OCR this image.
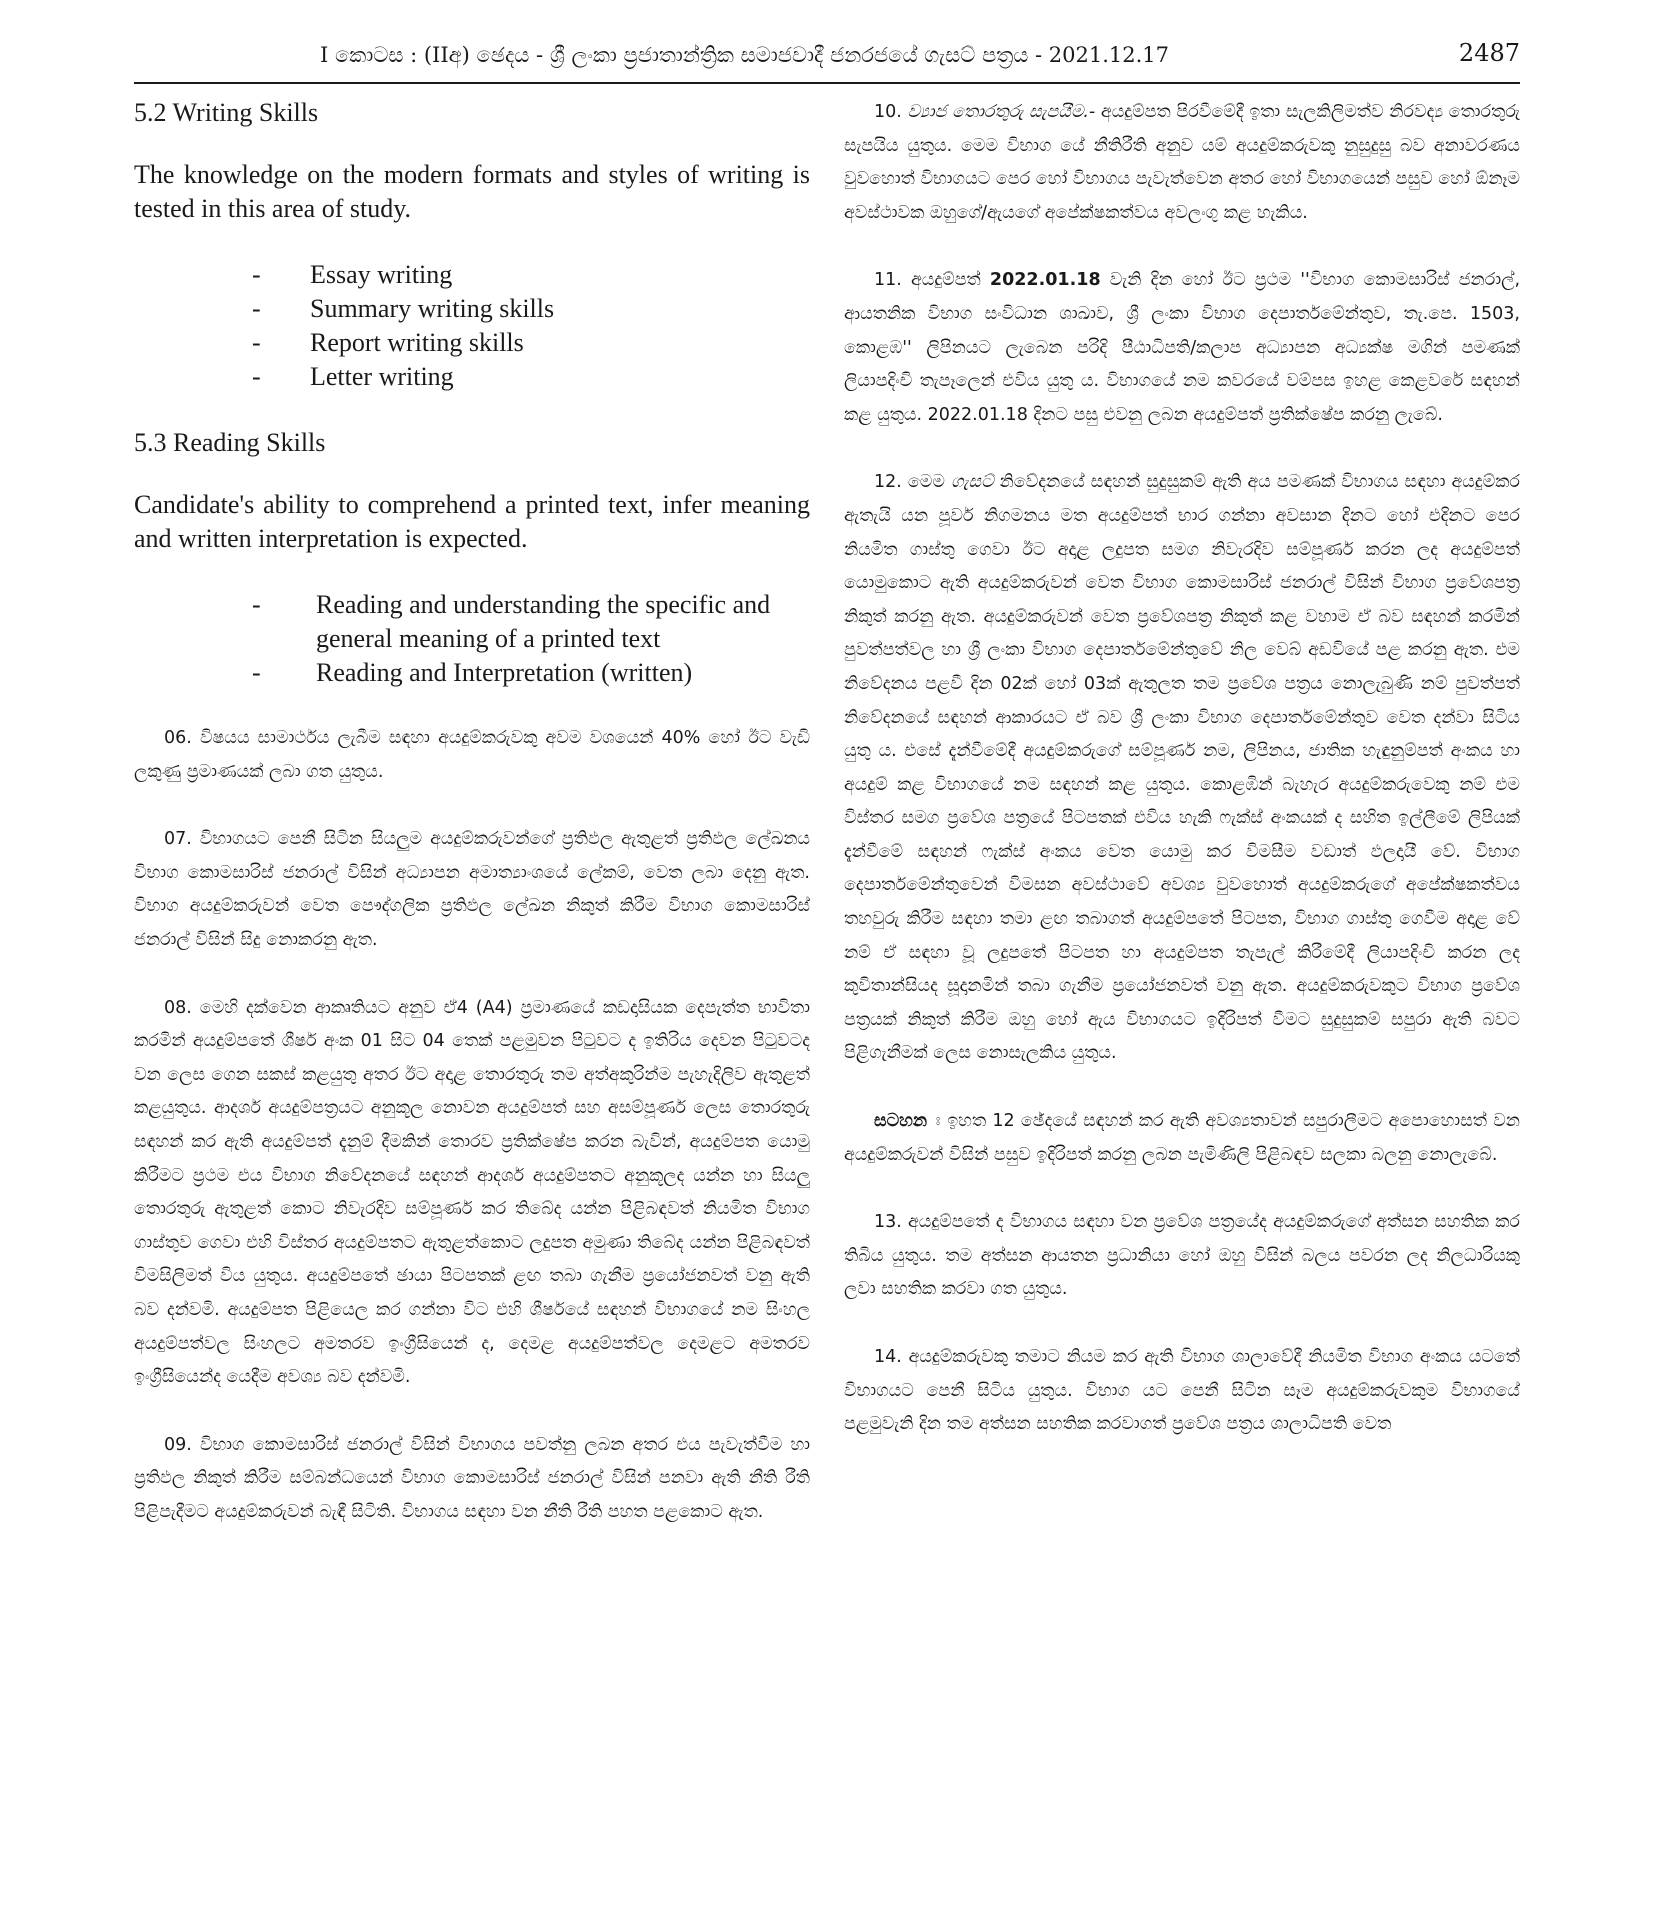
I කොටස : (IIඅ) ඡෙදය - ශ්‍රී ලංකා ප්‍රජාතාන්ත්‍රික සමාජවාදී ජනරජයේ ගැසට් පත්‍රය - 2021.12.17	2487
5.2 Writing Skills
The knowledge on the modern formats and styles of writing is tested in this area of study.
-	Essay writing
-	Summary writing skills
-	Report writing skills
-	Letter writing
5.3 Reading Skills
Candidate's ability to comprehend a printed text, infer meaning and written interpretation is expected.
-	Reading and understanding the specific and general meaning of a printed text
-	Reading and Interpretation (written)

06. විෂයය සාමාර්ථය ලැබීම සඳහා අයදුම්කරුවකු අවම වශයෙන් 40% හෝ ඊට වැඩි ලකුණු ප්‍රමාණයක් ලබා ගත යුතුය.

07. විභාගයට පෙනී සිටින සියලුම අයදුම්කරුවන්ගේ ප්‍රතිඵල ඇතුළත් ප්‍රතිඵල ලේඛනය විභාග කොමසාරිස් ජනරාල් විසින් අධ්‍යාපන අමාත්‍යාංශයේ ලේකම්, වෙත ලබා දෙනු ඇත. විභාග අයදුම්කරුවන් වෙත පෞද්ගලික ප්‍රතිඵල ලේඛන නිකුත් කිරීම විභාග කොමසාරිස් ජනරාල් විසින් සිදු නොකරනු ඇත.

08. මෙහි දක්වෙන ආකෘතියට අනුව ඒ4 (A4) ප්‍රමාණයේ කඩදාසියක දෙපැත්ත භාවිතා කරමින් අයදුම්පතේ ශීර්ෂ අංක 01 සිට 04 තෙක් පළමුවන පිටුවට ද ඉතිරිය දෙවන පිටුවටද වන ලෙස ගෙන සකස් කළයුතු අතර ඊට අදාළ තොරතුරු තම අත්අකුරින්ම පැහැදිලිව ඇතුළත් කළයුතුය. ආදර්ශ අයදුම්පත්‍රයට අනුකූල නොවන අයදුම්පත් සහ අසම්පූර්ණ ලෙස තොරතුරු සඳහන් කර ඇති අයදුම්පත් දැනුම් දීමකින් තොරව ප්‍රතික්ෂේප කරන බැවින්, අයදුම්පත යොමු කිරීමට ප්‍රථම එය විභාග නිවේදනයේ සඳහන් ආදර්ශ අයදුම්පතට අනුකූලද යන්න හා සියලු තොරතුරු ඇතුළත් කොට නිවැරදිව සම්පූර්ණ කර තිබේද යන්න පිළිබඳවත් නියමිත විභාග ගාස්තුව ගෙවා එහි විස්තර අයදුම්පතට ඇතුළත්කොට ලදුපත අමුණා තිබේද යන්න පිළිබඳවත් විමසිලිමත් විය යුතුය. අයදුම්පතේ ඡායා පිටපතක් ළඟ තබා ගැනීම ප්‍රයෝජනවත් වනු ඇති බව දන්වමි. අයදුම්පත පිළියෙල කර ගන්නා විට එහි ශීර්ෂයේ සඳහන් විභාගයේ නම සිංහල අයදුම්පත්වල සිංහලට අමතරව ඉංග්‍රීසියෙන් ද, දෙමළ අයදුම්පත්වල දෙමළට අමතරව ඉංග්‍රීසියෙන්ද යෙදීම අවශ්‍ය බව දන්වමි.

09. විභාග කොමසාරිස් ජනරාල් විසින් විභාගය පවත්නු ලබන අතර එය පැවැත්වීම හා ප්‍රතිඵල නිකුත් කිරීම සම්බන්ධයෙන් විභාග කොමසාරිස් ජනරාල් විසින් පනවා ඇති නීති රීති පිළිපැදීමට අයදුම්කරුවන් බැඳී සිටිති. විභාගය සඳහා වන නීති රීති පහත පළකොට ඇත.

10. ව්‍යාජ තොරතුරු සැපයීම.- අයදුම්පත පිරවීමේදී ඉතා සැලකිලිමත්ව නිරවද්‍ය තොරතුරු සැපයිය යුතුය. මෙම විභාග යේ නීතිරීති අනුව යම් අයදුම්කරුවකු නුසුදුසු බව අනාවරණය වුවහොත් විභාගයට පෙර හෝ විභාගය පැවැත්වෙන අතර හෝ විභාගයෙන් පසුව හෝ ඕනෑම අවස්ථාවක ඔහුගේ/ඇයගේ අපේක්ෂකත්වය අවලංගු කළ හැකිය.

11. අයදුම්පත් 2022.01.18 වැනි දින හෝ ඊට ප්‍රථම ''විභාග කොමසාරිස් ජනරාල්, ආයතනික විභාග සංවිධාන ශාඛාව, ශ්‍රී ලංකා විභාග දෙපාර්තමේන්තුව, තැ.පෙ. 1503, කොළඹ'' ලිපිනයට ලැබෙන පරිදි පීඨාධිපති/කලාප අධ්‍යාපන අධ්‍යක්ෂ මගින් පමණක් ලියාපදිංචි තැපෑලෙන් එවිය යුතු ය. විභාගයේ නම කවරයේ වම්පස ඉහළ කෙළවරේ සඳහන් කළ යුතුය. 2022.01.18 දිනට පසු එවනු ලබන අයදුම්පත් ප්‍රතික්ෂේප කරනු ලැබේ.

12. මෙම ගැසට් නිවේදනයේ සඳහන් සුදුසුකම් ඇති අය පමණක් විභාගය සඳහා අයදුම්කර ඇතැයි යන පූර්ව නිගමනය මත අයදුම්පත් භාර ගන්නා අවසාන දිනට හෝ එදිනට පෙර නියමිත ගාස්තු ගෙවා ඊට අදාළ ලදුපත සමග නිවැරදිව සම්පූර්ණ කරන ලද අයදුම්පත් යොමුකොට ඇති අයදුම්කරුවන් වෙත විභාග කොමසාරිස් ජනරාල් විසින් විභාග ප්‍රවේශපත්‍ර නිකුත් කරනු ඇත. අයදුම්කරුවන් වෙත ප්‍රවේශපත්‍ර නිකුත් කළ වහාම ඒ බව සඳහන් කරමින් පුවත්පත්වල හා ශ්‍රී ලංකා විභාග දෙපාර්තමේන්තුවේ නිල වෙබ් අඩවියේ පළ කරනු ඇත. එම නිවේදනය පළවී දින 02ක් හෝ 03ක් ඇතුලත තම ප්‍රවේශ පත්‍රය නොලැබුණි නම් පුවත්පත් නිවේදනයේ සඳහන් ආකාරයට ඒ බව ශ්‍රී ලංකා විභාග දෙපාර්තමේන්තුව වෙත දන්වා සිටිය යුතු ය. එසේ දැන්වීමේදී අයදුම්කරුගේ සම්පූර්ණ නම, ලිපිනය, ජාතික හැඳුනුම්පත් අංකය හා අයදුම් කළ විභාගයේ නම සඳහන් කළ යුතුය. කොළඹින් බැහැර අයදුම්කරුවෙකු නම් එම විස්තර සමග ප්‍රවේශ පත්‍රයේ පිටපතක් එවිය හැකි ෆැක්ස් අංකයක් ද සහිත ඉල්ලීමේ ලිපියක් දැන්වීමේ සඳහන් ෆැක්ස් අංකය වෙත යොමු කර විමසීම වඩාත් ඵලදායී වේ. විභාග දෙපාර්තමේන්තුවෙන් විමසන අවස්ථාවේ අවශ්‍ය වුවහොත් අයදුම්කරුගේ අපේක්ෂකත්වය තහවුරු කිරීම සඳහා තමා ළඟ තබාගත් අයදුම්පතේ පිටපත, විභාග ගාස්තු ගෙවීම අදාළ වේ නම් ඒ සඳහා වූ ලදුපතේ පිටපත හා අයදුම්පත තැපැල් කිරීමේදී ලියාපදිංචි කරන ලද කුවිතාන්සියද සූදානමින් තබා ගැනීම ප්‍රයෝජනවත් වනු ඇත. අයදුම්කරුවකුට විභාග ප්‍රවේශ පත්‍රයක් නිකුත් කිරීම ඔහු හෝ ඇය විභාගයට ඉදිරිපත් වීමට සුදුසුකම් සපුරා ඇති බවට පිළිගැනීමක් ලෙස නොසැලකිය යුතුය.

සටහන ඃ ඉහත 12 ඡේදයේ සඳහන් කර ඇති අවශ්‍යතාවන් සපුරාලීමට අපොහොසත් වන අයදුම්කරුවන් විසින් පසුව ඉදිරිපත් කරනු ලබන පැමිණිලි පිළිබඳව සලකා බලනු නොලැබේ.

13. අයදුම්පතේ ද විභාගය සඳහා වන ප්‍රවේශ පත්‍රයේද අයදුම්කරුගේ අත්සන සහතික කර තිබිය යුතුය. තම අත්සන ආයතන ප්‍රධානියා හෝ ඔහු විසින් බලය පවරන ලද නිලධාරියකු ලවා සහතික කරවා ගත යුතුය.

14. අයදුම්කරුවකු තමාට නියම කර ඇති විභාග ශාලාවේදී නියමිත විභාග අංකය යටතේ විභාගයට පෙනී සිටිය යුතුය. විභාග යට පෙනී සිටින සෑම අයදුම්කරුවකුම විභාගයේ පළමුවැනි දින තම අත්සන සහතික කරවාගත් ප්‍රවේශ පත්‍රය ශාලාධිපති වෙත
